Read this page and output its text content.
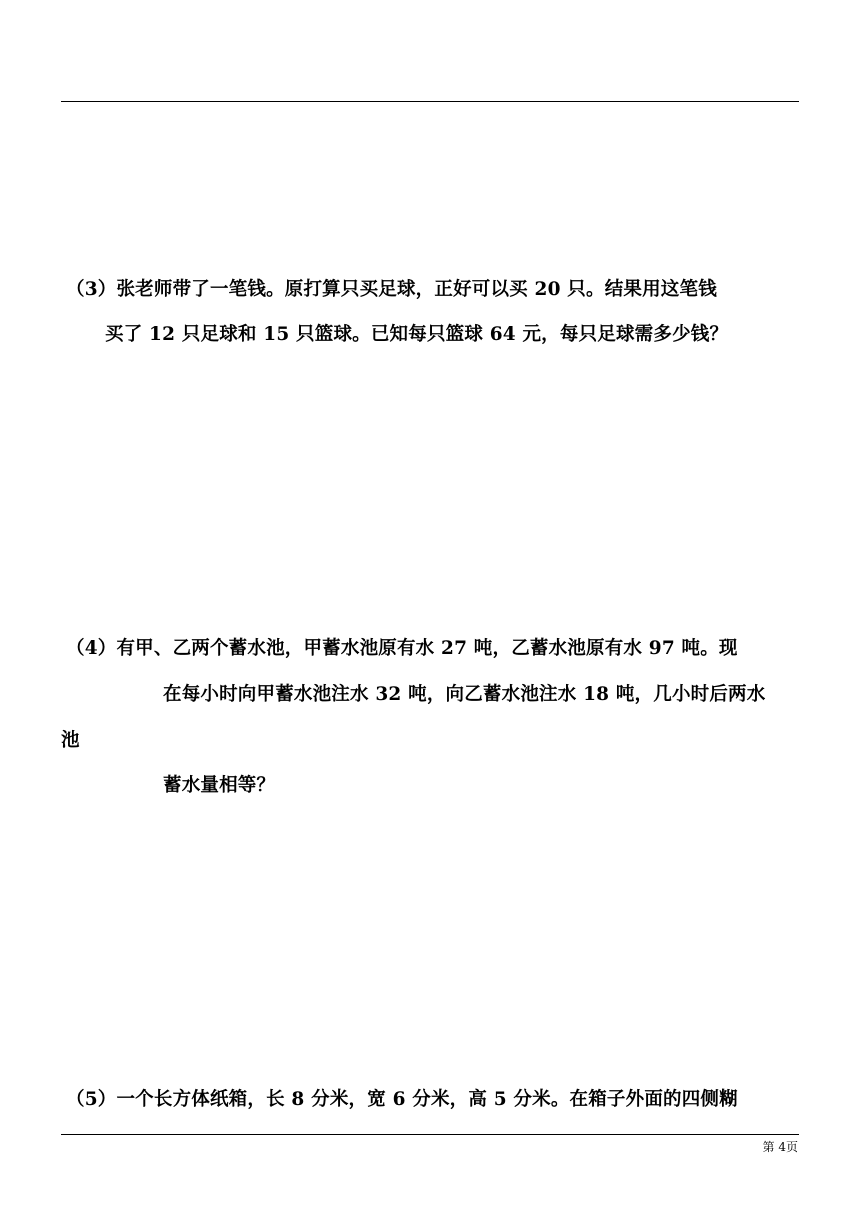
（3）张老师带了一笔钱。原打算只买足球，正好可以买 20 只。结果用这笔钱
买了 12 只足球和 15 只篮球。已知每只篮球 64 元，每只足球需多少钱？
（4）有甲、乙两个蓄水池，甲蓄水池原有水 27 吨，乙蓄水池原有水 97 吨。现
在每小时向甲蓄水池注水 32 吨，向乙蓄水池注水 18 吨，几小时后两水
池
蓄水量相等？
（5）一个长方体纸箱，长 8 分米，宽 6 分米，高 5 分米。在箱子外面的四侧糊
第 4页
